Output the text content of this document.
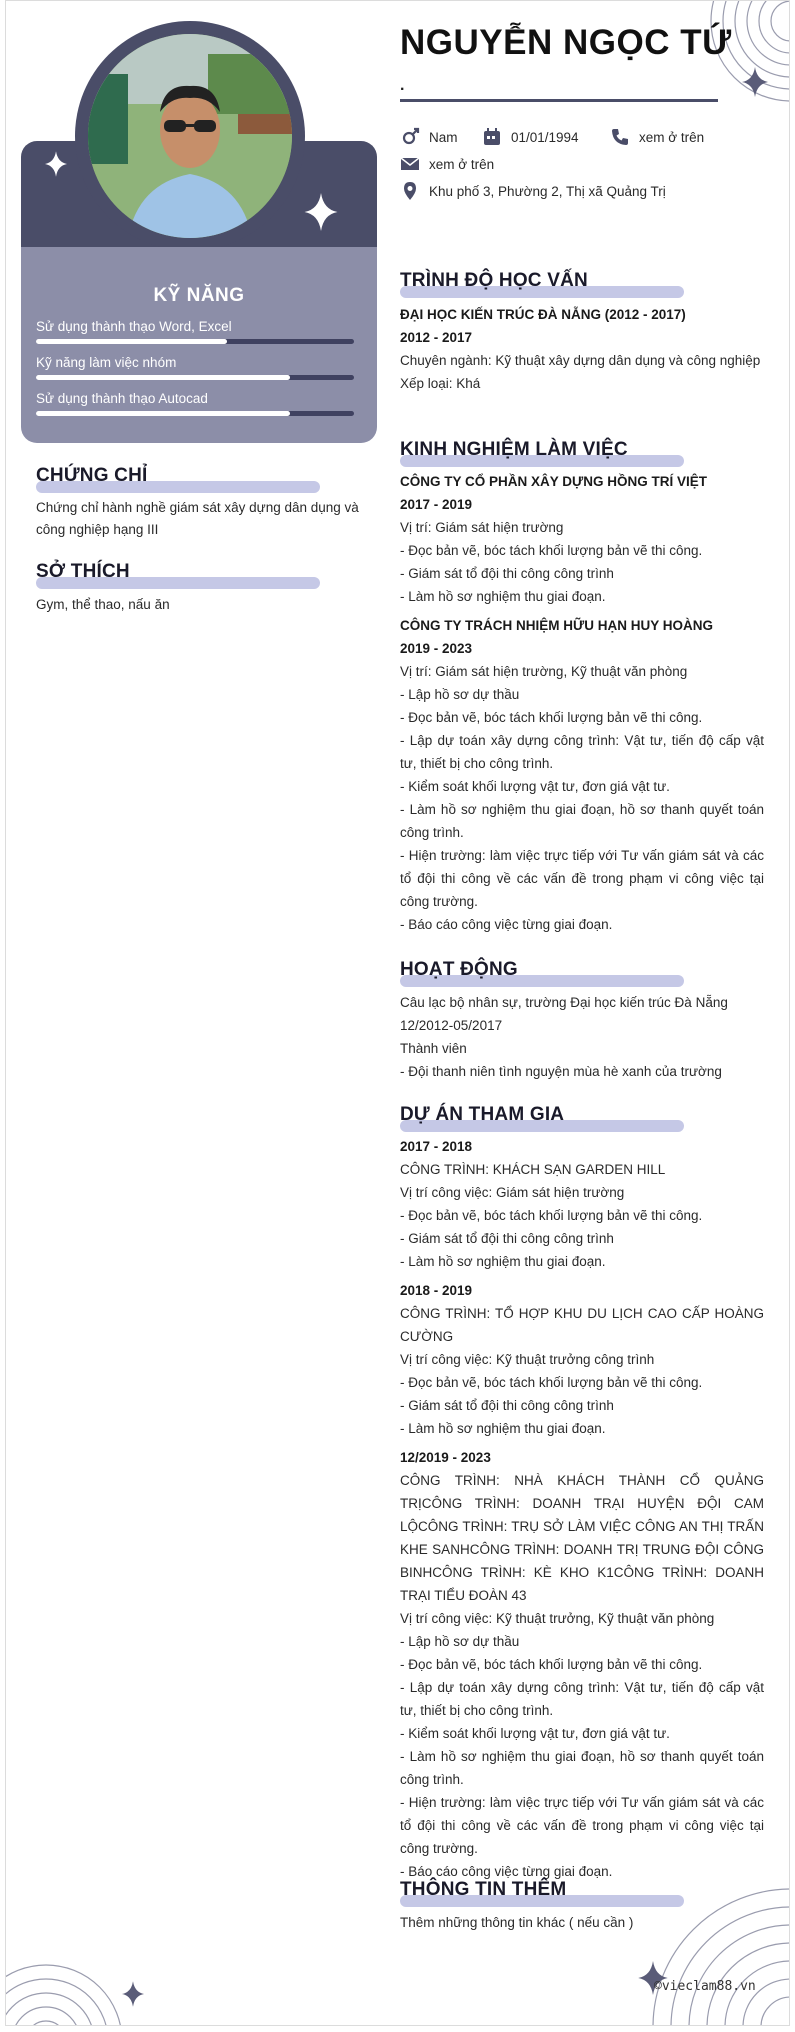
KỸ NĂNG
Sử dụng thành thạo Word, Excel
Kỹ năng làm việc nhóm
Sử dụng thành thạo Autocad
CHỨNG CHỈ
Chứng chỉ hành nghề giám sát xây dựng dân dụng và công nghiệp hạng III
SỞ THÍCH
Gym, thể thao, nấu ăn
NGUYỄN NGỌC TỨ
.
Nam	01/01/1994	xem ở trên
xem ở trên
Khu phố 3, Phường 2, Thị xã Quảng Trị
TRÌNH ĐỘ HỌC VẤN

ĐẠI HỌC KIẾN TRÚC ĐÀ NẴNG (2012 - 2017)

2012 - 2017

Chuyên ngành: Kỹ thuật xây dựng dân dụng và công nghiệp

Xếp loại: Khá

KINH NGHIỆM LÀM VIỆC

CÔNG TY CỔ PHẦN XÂY DỰNG HỒNG TRÍ VIỆT

2017 - 2019

Vị trí: Giám sát hiện trường

- Đọc bản vẽ, bóc tách khối lượng bản vẽ thi công.

- Giám sát tổ đội thi công công trình

- Làm hồ sơ nghiệm thu giai đoạn.

CÔNG TY TRÁCH NHIỆM HỮU HẠN HUY HOÀNG

2019 - 2023

Vị trí: Giám sát hiện trường, Kỹ thuật văn phòng

- Lập hồ sơ dự thầu

- Đọc bản vẽ, bóc tách khối lượng bản vẽ thi công.

- Lập dự toán xây dựng công trình: Vật tư, tiến độ cấp vật tư, thiết bị cho công trình.

- Kiểm soát khối lượng vật tư, đơn giá vật tư.

- Làm hồ sơ nghiệm thu giai đoạn, hồ sơ thanh quyết toán công trình.

- Hiện trường: làm việc trực tiếp với Tư vấn giám sát và các tổ đội thi công về các vấn đề trong phạm vi công việc tại công trường.

- Báo cáo công việc từng giai đoạn.

HOẠT ĐỘNG

Câu lạc bộ nhân sự, trường Đại học kiến trúc Đà Nẵng

12/2012-05/2017

Thành viên

- Đội thanh niên tình nguyện mùa hè xanh của trường

DỰ ÁN THAM GIA

2017 - 2018

CÔNG TRÌNH: KHÁCH SẠN GARDEN HILL

Vị trí công việc: Giám sát hiện trường

- Đọc bản vẽ, bóc tách khối lượng bản vẽ thi công.

- Giám sát tổ đội thi công công trình

- Làm hồ sơ nghiệm thu giai đoạn.

2018 - 2019

CÔNG TRÌNH: TỔ HỢP KHU DU LỊCH CAO CẤP HOÀNG CƯỜNG

Vị trí công việc: Kỹ thuật trưởng công trình

- Đọc bản vẽ, bóc tách khối lượng bản vẽ thi công.

- Giám sát tổ đội thi công công trình

- Làm hồ sơ nghiệm thu giai đoạn.

12/2019 - 2023

CÔNG TRÌNH: NHÀ KHÁCH THÀNH CỔ QUẢNG TRỊCÔNG TRÌNH: DOANH TRẠI HUYỆN ĐỘI CAM LỘCÔNG TRÌNH: TRỤ SỞ LÀM VIỆC CÔNG AN THỊ TRẤN KHE SANHCÔNG TRÌNH: DOANH TRỊ TRUNG ĐỘI CÔNG BINHCÔNG TRÌNH: KÈ KHO K1CÔNG TRÌNH: DOANH TRẠI TIỂU ĐOÀN 43

Vị trí công việc: Kỹ thuật trưởng, Kỹ thuật văn phòng

- Lập hồ sơ dự thầu

- Đọc bản vẽ, bóc tách khối lượng bản vẽ thi công.

- Lập dự toán xây dựng công trình: Vật tư, tiến độ cấp vật tư, thiết bị cho công trình.

- Kiểm soát khối lượng vật tư, đơn giá vật tư.

- Làm hồ sơ nghiệm thu giai đoạn, hồ sơ thanh quyết toán công trình.

- Hiện trường: làm việc trực tiếp với Tư vấn giám sát và các tổ đội thi công về các vấn đề trong phạm vi công việc tại công trường.

- Báo cáo công việc từng giai đoạn.

THÔNG TIN THÊM

Thêm những thông tin khác ( nếu cần )

©vieclam88.vn
